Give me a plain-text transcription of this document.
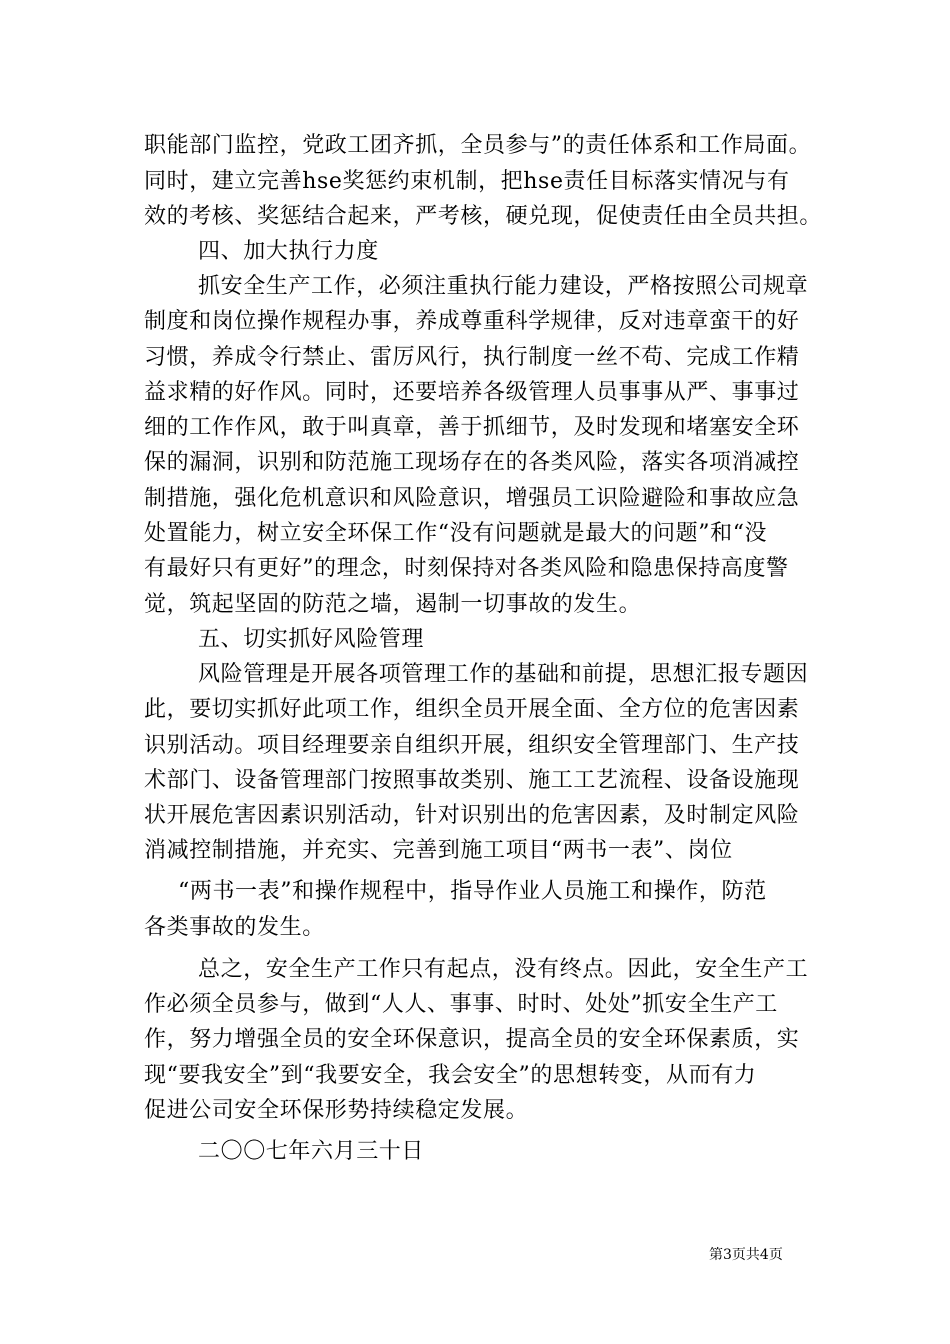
职能部门监控，党政工团齐抓，全员参与”的责任体系和工作局面。
同时，建立完善hse奖惩约束机制，把hse责任目标落实情况与有
效的考核、奖惩结合起来，严考核，硬兑现，促使责任由全员共担。
四、加大执行力度
抓安全生产工作，必须注重执行能力建设，严格按照公司规章
制度和岗位操作规程办事，养成尊重科学规律，反对违章蛮干的好
习惯，养成令行禁止、雷厉风行，执行制度一丝不苟、完成工作精
益求精的好作风。同时，还要培养各级管理人员事事从严、事事过
细的工作作风，敢于叫真章，善于抓细节，及时发现和堵塞安全环
保的漏洞，识别和防范施工现场存在的各类风险，落实各项消减控
制措施，强化危机意识和风险意识，增强员工识险避险和事故应急
处置能力，树立安全环保工作“没有问题就是最大的问题”和“没
有最好只有更好”的理念，时刻保持对各类风险和隐患保持高度警
觉，筑起坚固的防范之墙，遏制一切事故的发生。
五、切实抓好风险管理
风险管理是开展各项管理工作的基础和前提，思想汇报专题因
此，要切实抓好此项工作，组织全员开展全面、全方位的危害因素
识别活动。项目经理要亲自组织开展，组织安全管理部门、生产技
术部门、设备管理部门按照事故类别、施工工艺流程、设备设施现
状开展危害因素识别活动，针对识别出的危害因素，及时制定风险
消减控制措施，并充实、完善到施工项目“两书一表”、岗位
“两书一表”和操作规程中，指导作业人员施工和操作，防范
各类事故的发生。
总之，安全生产工作只有起点，没有终点。因此，安全生产工
作必须全员参与，做到“人人、事事、时时、处处”抓安全生产工
作，努力增强全员的安全环保意识，提高全员的安全环保素质，实
现“要我安全”到“我要安全，我会安全”的思想转变，从而有力
促进公司安全环保形势持续稳定发展。
二〇〇七年六月三十日
第3页共4页
